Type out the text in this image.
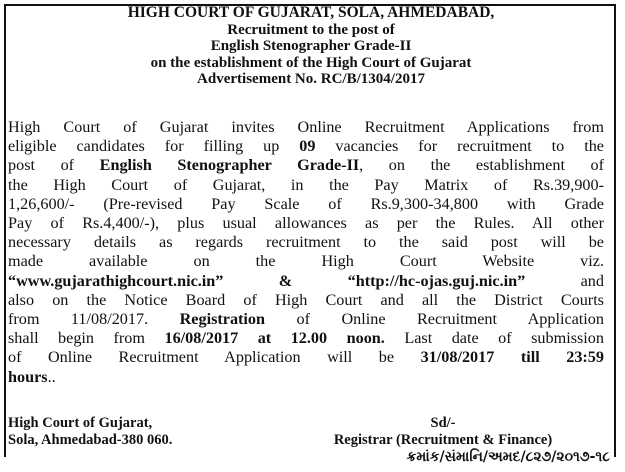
HIGH COURT OF GUJARAT, SOLA, AHMEDABAD,
Recruitment to the post of
English Stenographer Grade-II
on the establishment of the High Court of Gujarat
Advertisement No. RC/B/1304/2017
High Court of Gujarat invites Online Recruitment Applications from
eligible candidates for filling up 09 vacancies for recruitment to the
post of English Stenographer Grade-II, on the establishment of
the High Court of Gujarat, in the Pay Matrix of Rs.39,900-
1,26,600/- (Pre-revised Pay Scale of Rs.9,300-34,800 with Grade
Pay of Rs.4,400/-), plus usual allowances as per the Rules. All other
necessary details as regards recruitment to the said post will be
made available on the High Court Website viz.
“www.gujarathighcourt.nic.in” & “http://hc-ojas.guj.nic.in” and
also on the Notice Board of High Court and all the District Courts
from 11/08/2017. Registration of Online Recruitment Application
shall begin from 16/08/2017 at 12.00 noon. Last date of submission
of Online Recruitment Application will be 31/08/2017 till 23:59
hours..
High Court of Gujarat,
Sola, Ahmedabad-380 060.
Sd/-
Registrar (Recruitment & Finance)
ક્રમાંક/સંમાનિ/અમદ/૮૨૭/૨૦૧૭-૧૮
